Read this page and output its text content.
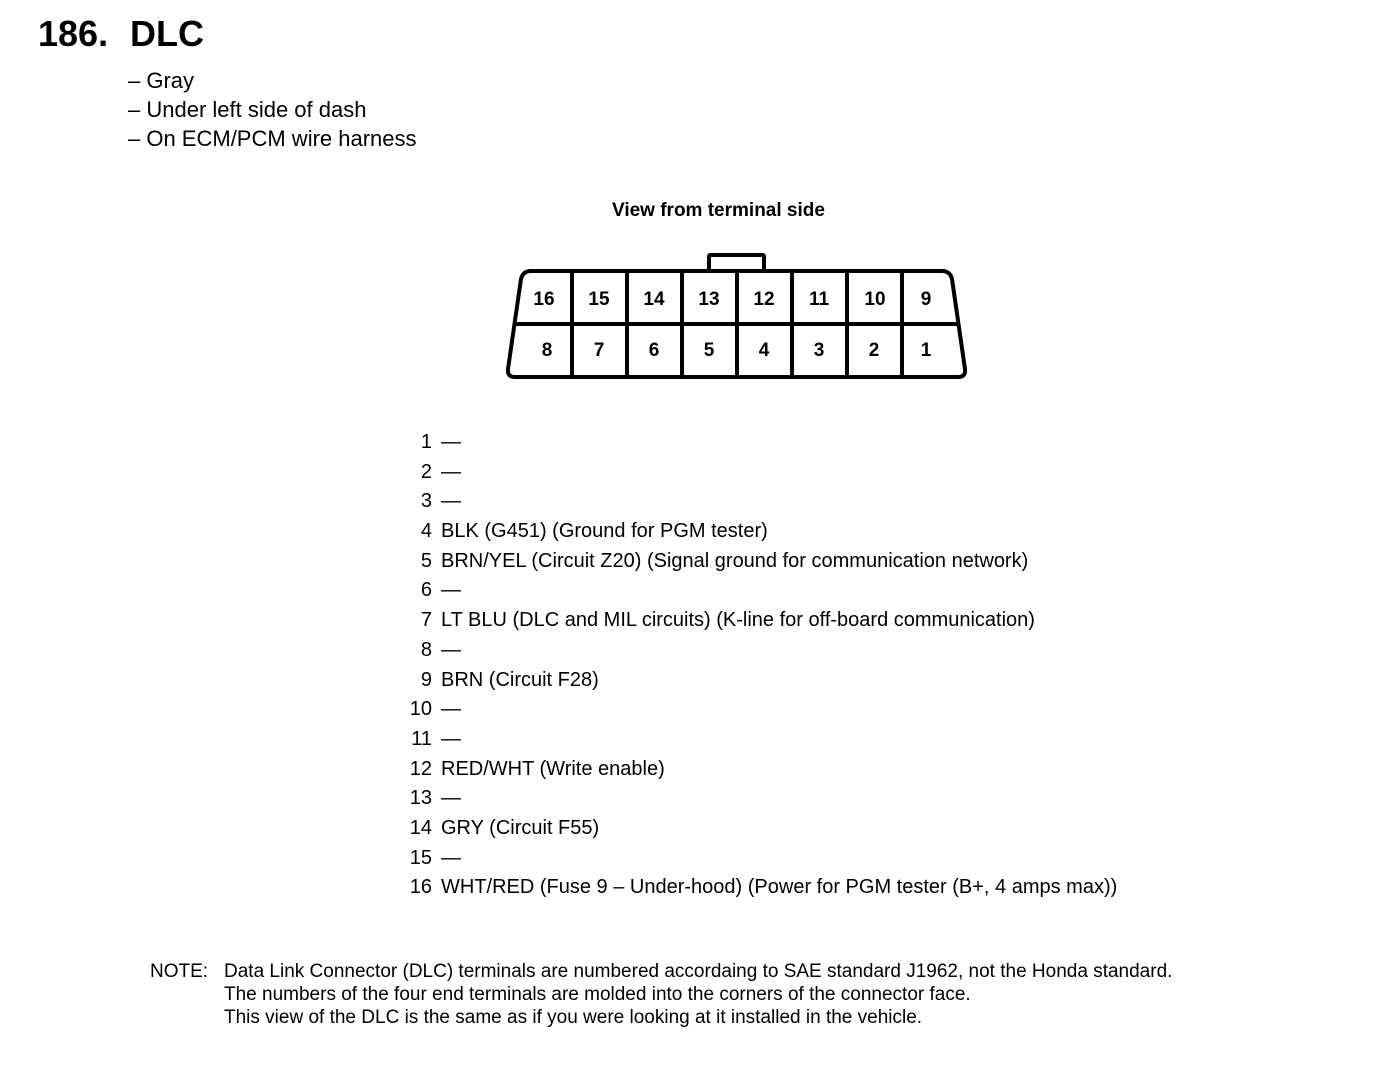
186. DLC
– Gray
– Under left side of dash
– On ECM/PCM wire harness
View from terminal side
16 15 14 13 12 11 10 9
8 7 6 5 4 3 2 1
1 —
2 —
3 —
4 BLK (G451) (Ground for PGM tester)
5 BRN/YEL (Circuit Z20) (Signal ground for communication network)
6 —
7 LT BLU (DLC and MIL circuits) (K-line for off-board communication)
8 —
9 BRN (Circuit F28)
10 —
11 —
12 RED/WHT (Write enable)
13 —
14 GRY (Circuit F55)
15 —
16 WHT/RED (Fuse 9 – Under-hood) (Power for PGM tester (B+, 4 amps max))
NOTE: Data Link Connector (DLC) terminals are numbered accordaing to SAE standard J1962, not the Honda standard.
The numbers of the four end terminals are molded into the corners of the connector face.
This view of the DLC is the same as if you were looking at it installed in the vehicle.
